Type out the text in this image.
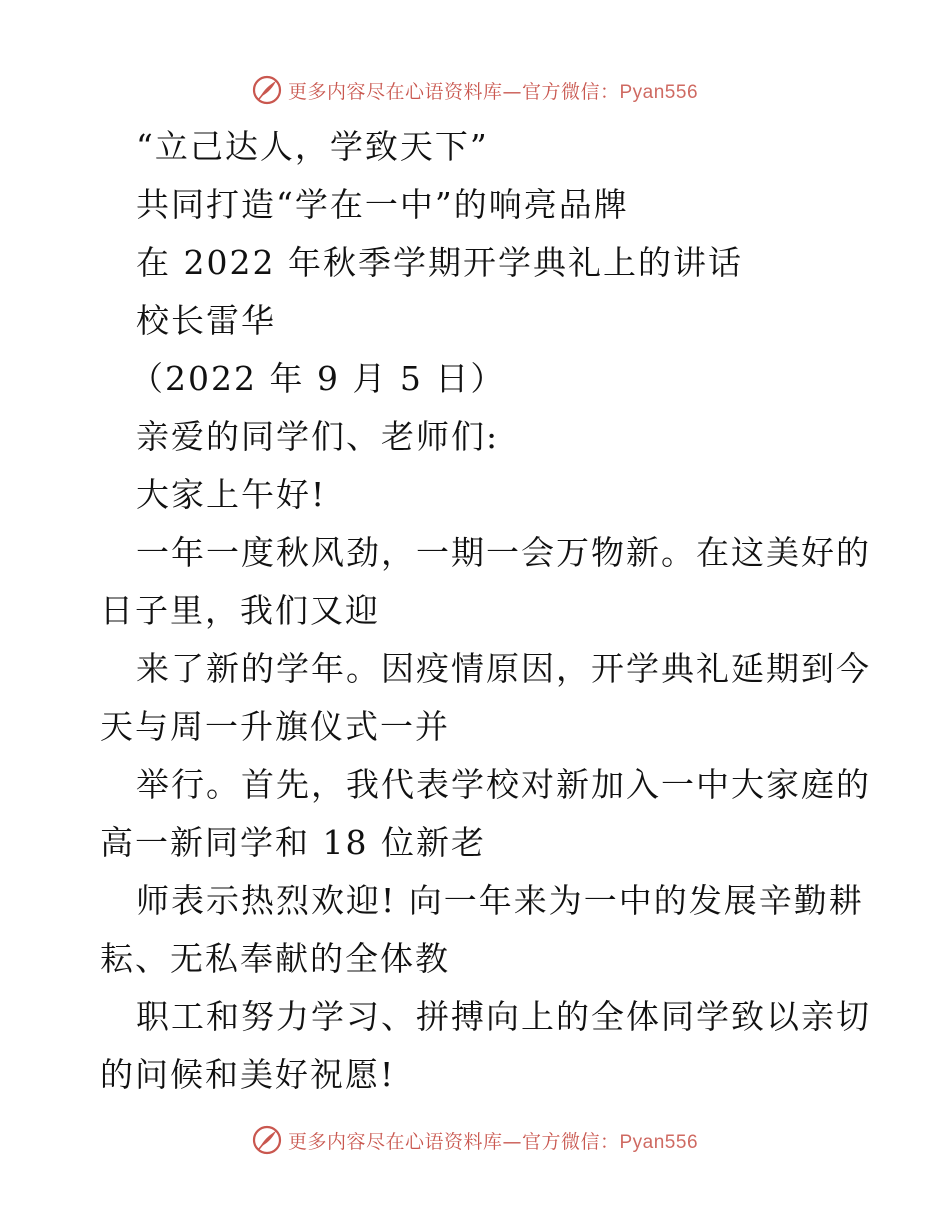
更多内容尽在心语资料库—官方微信：Pyan556
“立己达人，学致天下”
共同打造“学在一中”的响亮品牌
在 2022 年秋季学期开学典礼上的讲话
校长雷华
（2022 年 9 月 5 日）
亲爱的同学们、老师们:
大家上午好!
一年一度秋风劲，一期一会万物新。在这美好的
日子里，我们又迎
来了新的学年。因疫情原因，开学典礼延期到今
天与周一升旗仪式一并
举行。首先，我代表学校对新加入一中大家庭的
高一新同学和 18 位新老
师表示热烈欢迎! 向一年来为一中的发展辛勤耕
耘、无私奉献的全体教
职工和努力学习、拼搏向上的全体同学致以亲切
的问候和美好祝愿!
更多内容尽在心语资料库—官方微信：Pyan556
